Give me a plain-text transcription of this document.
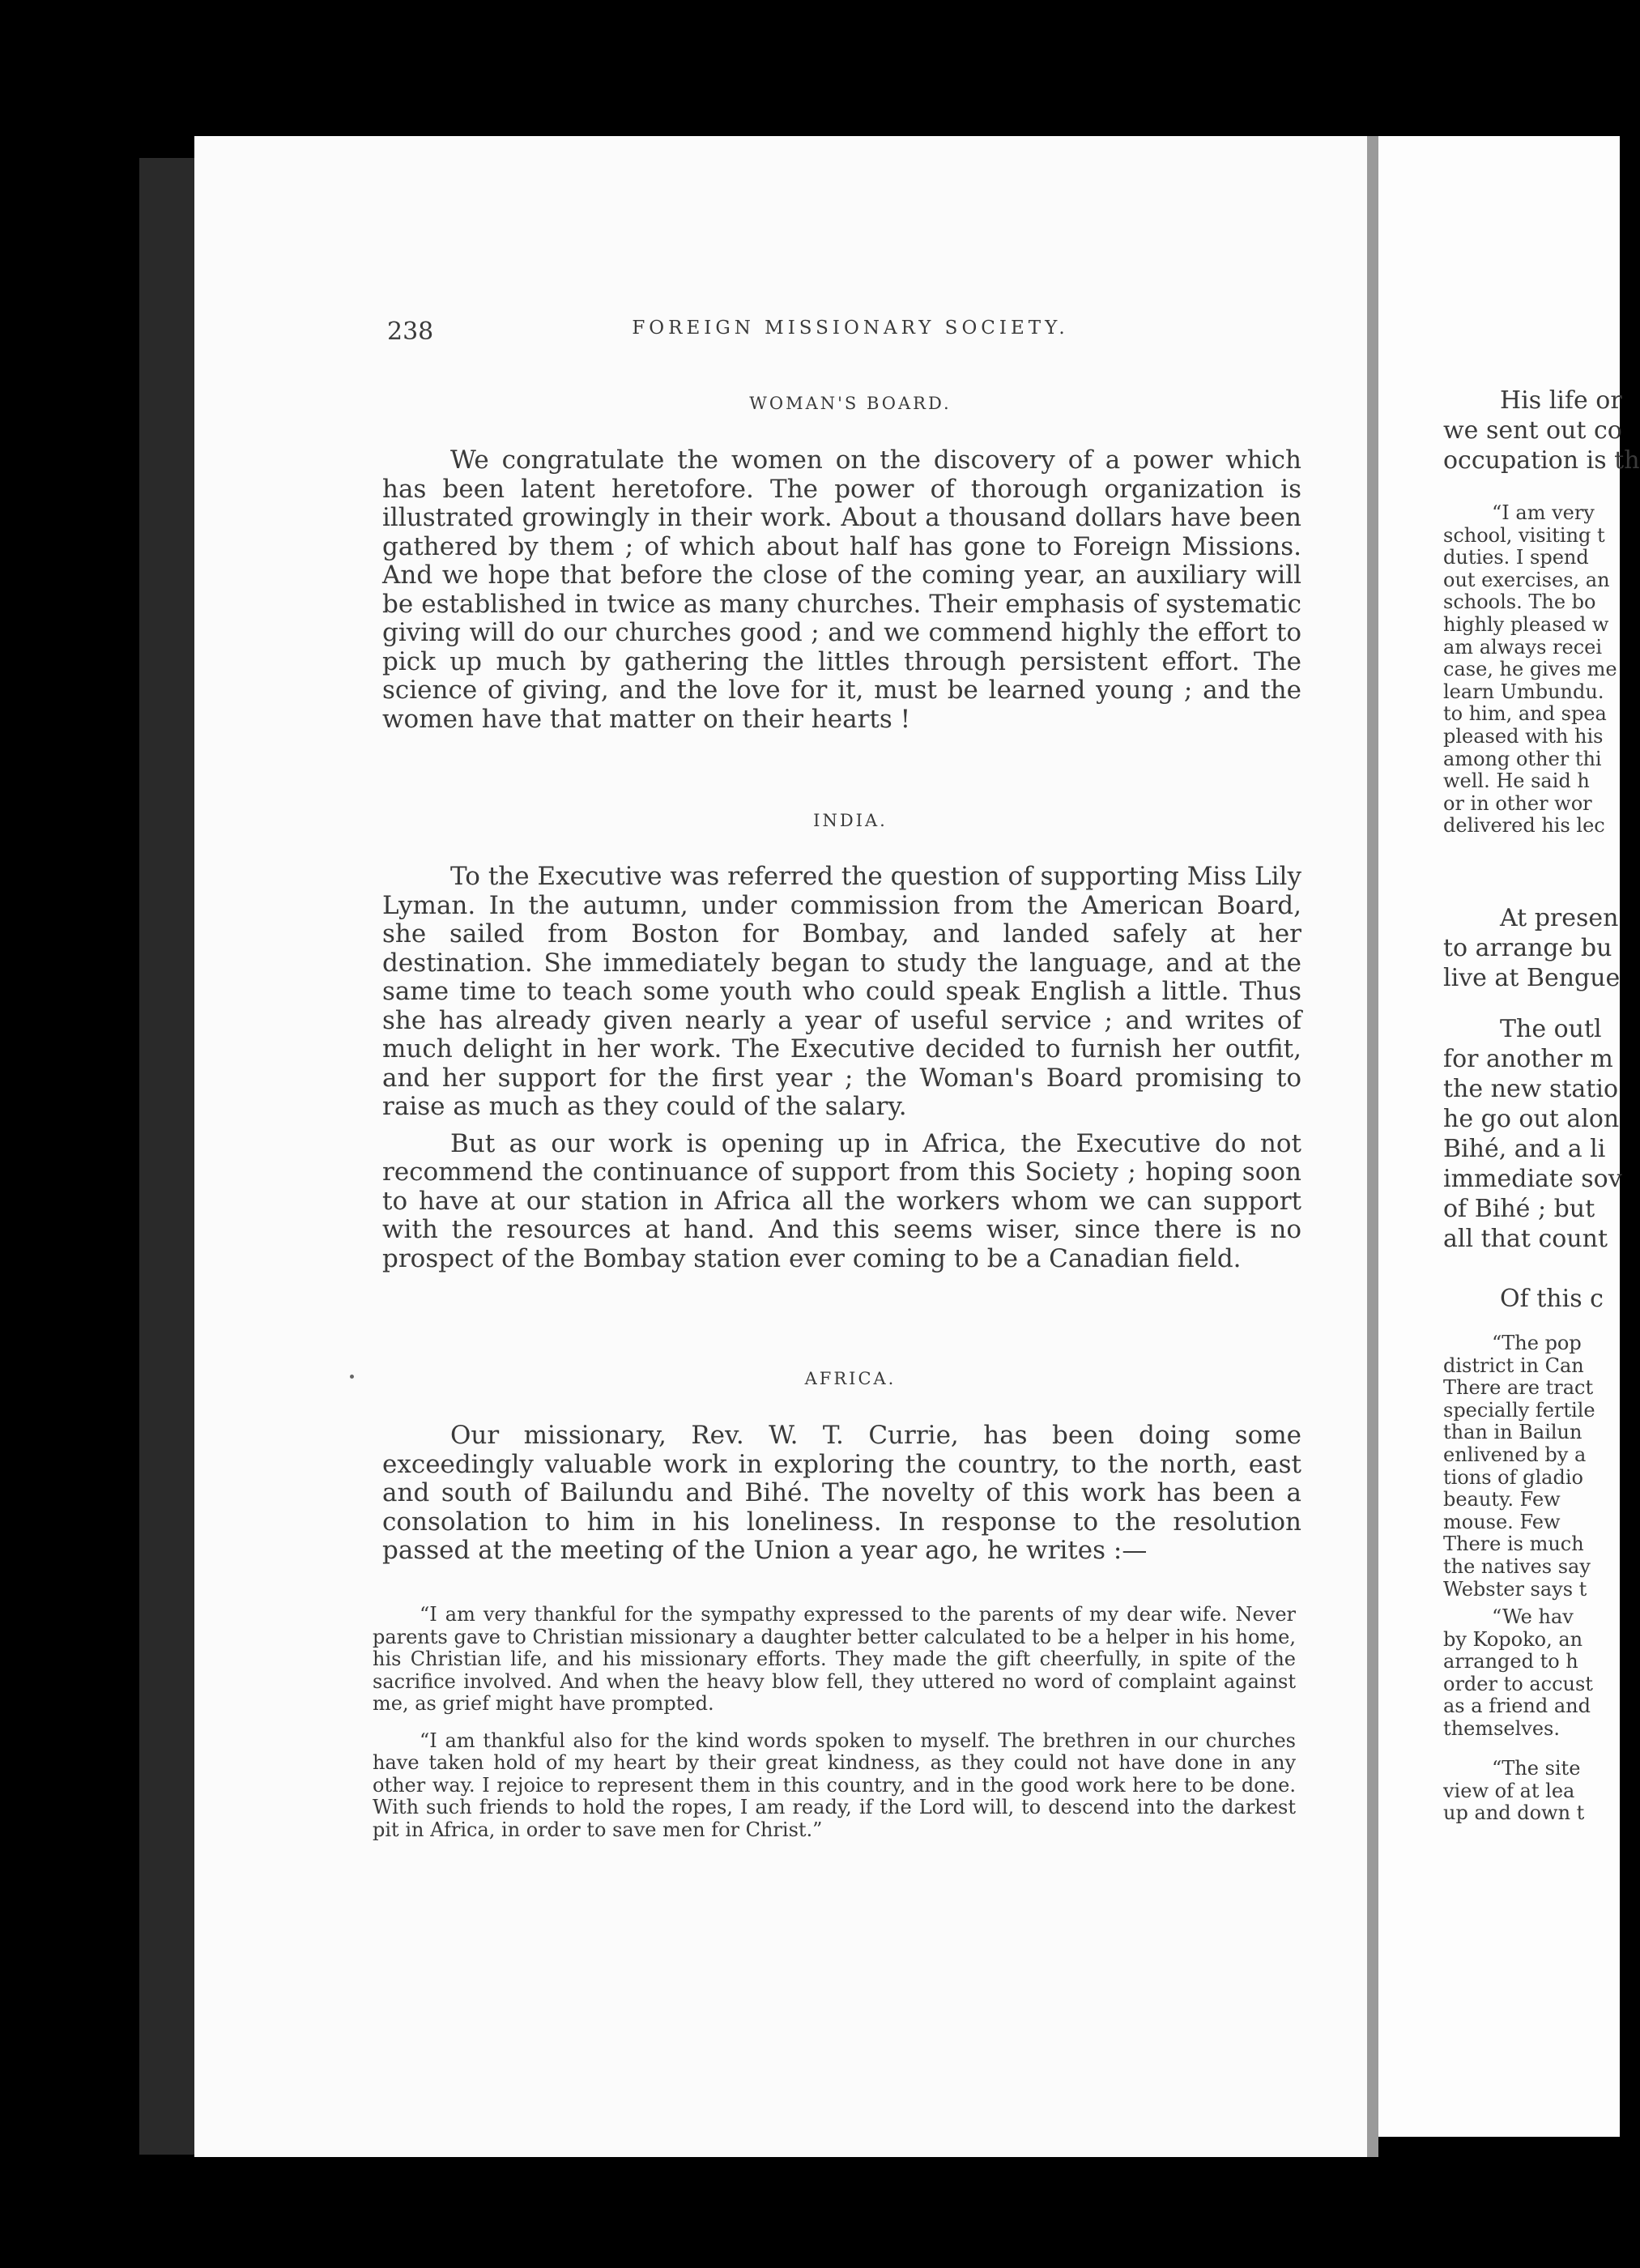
238	FOREIGN MISSIONARY SOCIETY.
WOMAN'S BOARD.

We congratulate the women on the discovery of a power which has been latent heretofore. The power of thorough organization is illustrated growingly in their work. About a thousand dollars have been gathered by them ; of which about half has gone to Foreign Missions. And we hope that before the close of the coming year, an auxiliary will be established in twice as many churches. Their emphasis of systematic giving will do our churches good ; and we commend highly the effort to pick up much by gathering the littles through persistent effort. The science of giving, and the love for it, must be learned young ; and the women have that matter on their hearts !

INDIA.

To the Executive was referred the question of supporting Miss Lily Lyman. In the autumn, under commission from the American Board, she sailed from Boston for Bombay, and landed safely at her destination. She immediately began to study the language, and at the same time to teach some youth who could speak English a little. Thus she has already given nearly a year of useful service ; and writes of much delight in her work. The Executive decided to furnish her outfit, and her support for the first year ; the Woman's Board promising to raise as much as they could of the salary.

But as our work is opening up in Africa, the Executive do not recommend the continuance of support from this Society ; hoping soon to have at our station in Africa all the workers whom we can support with the resources at hand. And this seems wiser, since there is no prospect of the Bombay station ever coming to be a Canadian field.

AFRICA.

Our missionary, Rev. W. T. Currie, has been doing some exceedingly valuable work in exploring the country, to the north, east and south of Bailundu and Bihé. The novelty of this work has been a consolation to him in his loneliness. In response to the resolution passed at the meeting of the Union a year ago, he writes :—

“I am very thankful for the sympathy expressed to the parents of my dear wife. Never parents gave to Christian missionary a daughter better calculated to be a helper in his home, his Christian life, and his missionary efforts. They made the gift cheerfully, in spite of the sacrifice involved. And when the heavy blow fell, they uttered no word of complaint against me, as grief might have prompted.

“I am thankful also for the kind words spoken to myself. The brethren in our churches have taken hold of my heart by their great kindness, as they could not have done in any other way. I rejoice to represent them in this country, and in the good work here to be done. With such friends to hold the ropes, I am ready, if the Lord will, to descend into the darkest pit in Africa, in order to save men for Christ.”

His life or
we sent out co
occupation is th
“I am very
school, visiting t
duties. I spend
out exercises, an
schools. The bo
highly pleased w
am always recei
case, he gives me
learn Umbundu.
to him, and spea
pleased with his
among other thi
well. He said h
or in other wor
delivered his lec
At presen
to arrange bu
live at Bengue
The outl
for another m
the new statio
he go out alon
Bihé, and a li
immediate sov
of Bihé ; but
all that count
Of this c
“The pop
district in Can
There are tract
specially fertile
than in Bailun
enlivened by a
tions of gladio
beauty. Few
mouse. Few
There is much
the natives say
Webster says t
“We hav
by Kopoko, an
arranged to h
order to accust
as a friend and
themselves.
“The site
view of at lea
up and down t
